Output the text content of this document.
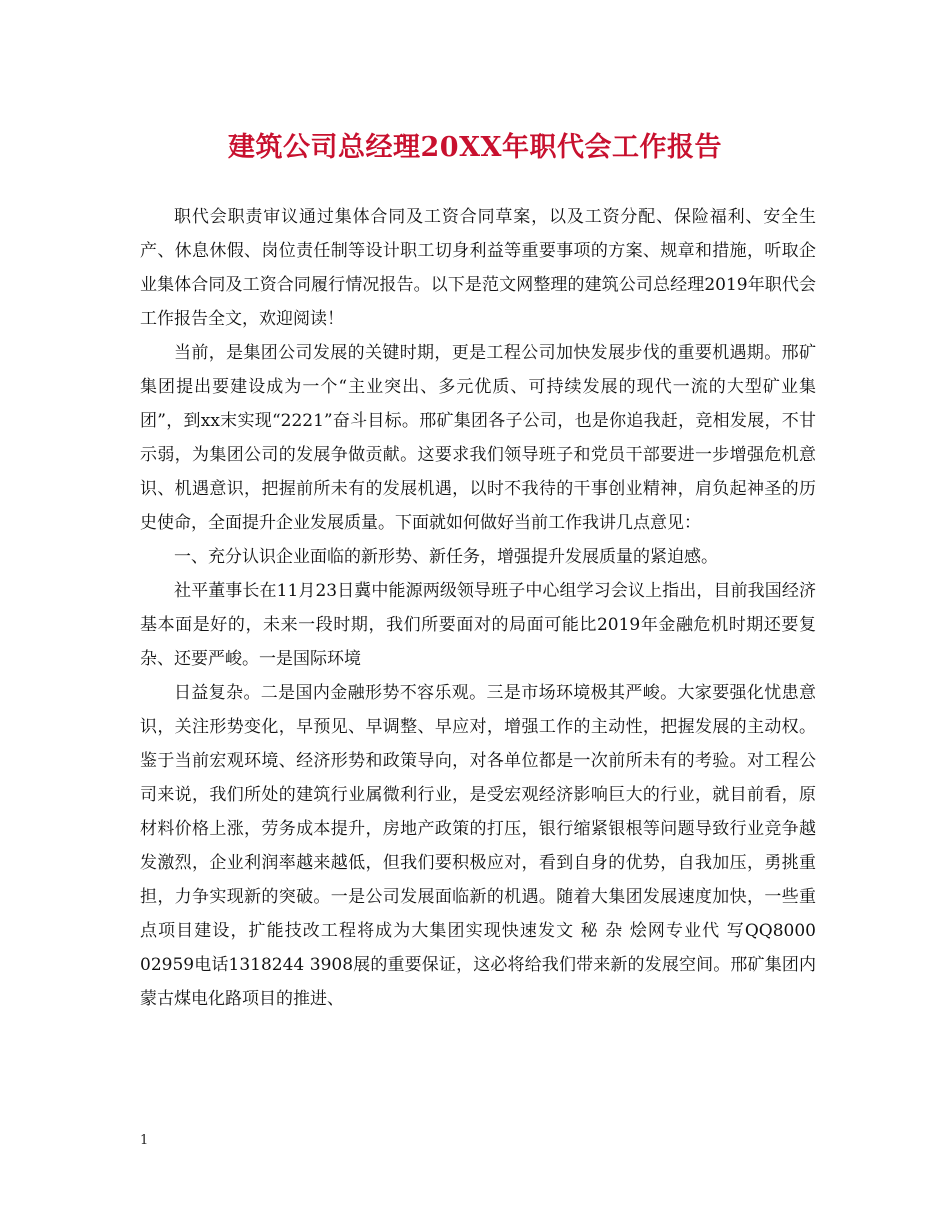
建筑公司总经理20XX年职代会工作报告

职代会职责审议通过集体合同及工资合同草案，以及工资分配、保险福利、安全生产、休息休假、岗位责任制等设计职工切身利益等重要事项的方案、规章和措施，听取企业集体合同及工资合同履行情况报告。以下是范文网整理的建筑公司总经理2019年职代会工作报告全文，欢迎阅读！

当前，是集团公司发展的关键时期，更是工程公司加快发展步伐的重要机遇期。邢矿集团提出要建设成为一个“主业突出、多元优质、可持续发展的现代一流的大型矿业集团”，到xx末实现“2221”奋斗目标。邢矿集团各子公司，也是你追我赶，竞相发展，不甘示弱，为集团公司的发展争做贡献。这要求我们领导班子和党员干部要进一步增强危机意识、机遇意识，把握前所未有的发展机遇，以时不我待的干事创业精神，肩负起神圣的历史使命，全面提升企业发展质量。下面就如何做好当前工作我讲几点意见：

一、充分认识企业面临的新形势、新任务，增强提升发展质量的紧迫感。

社平董事长在11月23日冀中能源两级领导班子中心组学习会议上指出，目前我国经济基本面是好的，未来一段时期，我们所要面对的局面可能比2019年金融危机时期还要复杂、还要严峻。一是国际环境

日益复杂。二是国内金融形势不容乐观。三是市场环境极其严峻。大家要强化忧患意识，关注形势变化，早预见、早调整、早应对，增强工作的主动性，把握发展的主动权。鉴于当前宏观环境、经济形势和政策导向，对各单位都是一次前所未有的考验。对工程公司来说，我们所处的建筑行业属微利行业，是受宏观经济影响巨大的行业，就目前看，原材料价格上涨，劳务成本提升，房地产政策的打压，银行缩紧银根等问题导致行业竞争越发激烈，企业利润率越来越低，但我们要积极应对，看到自身的优势，自我加压，勇挑重担，力争实现新的突破。一是公司发展面临新的机遇。随着大集团发展速度加快，一些重点项目建设，扩能技改工程将成为大集团实现快速发文 秘 杂 烩网专业代 写QQ8000 02959电话1318244 3908展的重要保证，这必将给我们带来新的发展空间。邢矿集团内蒙古煤电化路项目的推进、

1
